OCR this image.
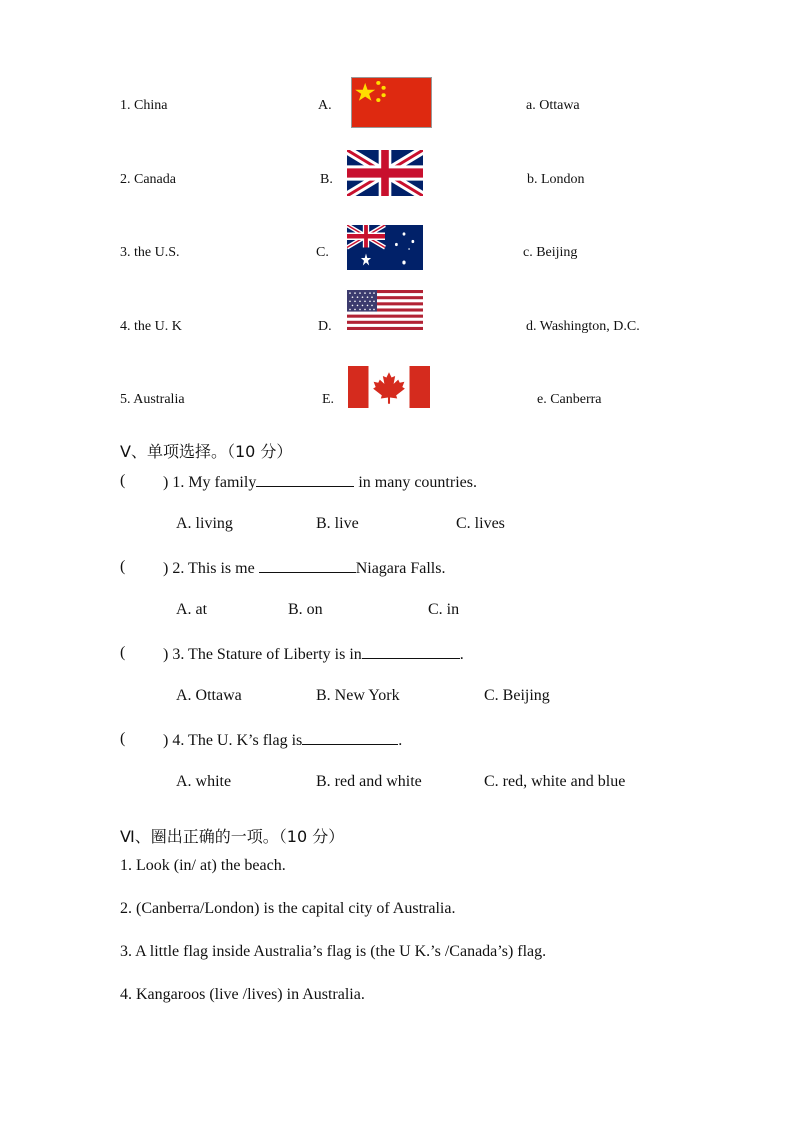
1. China	A.	a. Ottawa
2. Canada	B.	b. London
3. the U.S.	C.	c. Beijing
4. the U. K	D.	d. Washington, D.C.
5. Australia	E.	e. Canberra
Ⅴ、单项选择。（10 分）
( ) 1. My family	in many countries.
A. living	B. live	C. lives
( ) 2. This is me	Niagara Falls.
A. at	B. on	C. in
( ) 3. The Stature of Liberty is in	.
A. Ottawa	B. New York	C. Beijing
( ) 4. The U. K’s flag is	.
A. white	B. red and white	C. red, white and blue
Ⅵ、圈出正确的一项。（10 分）
1. Look (in/ at) the beach.
2. (Canberra/London) is the capital city of Australia.
3. A little flag inside Australia’s flag is (the U K.’s /Canada’s) flag.
4. Kangaroos (live /lives) in Australia.
